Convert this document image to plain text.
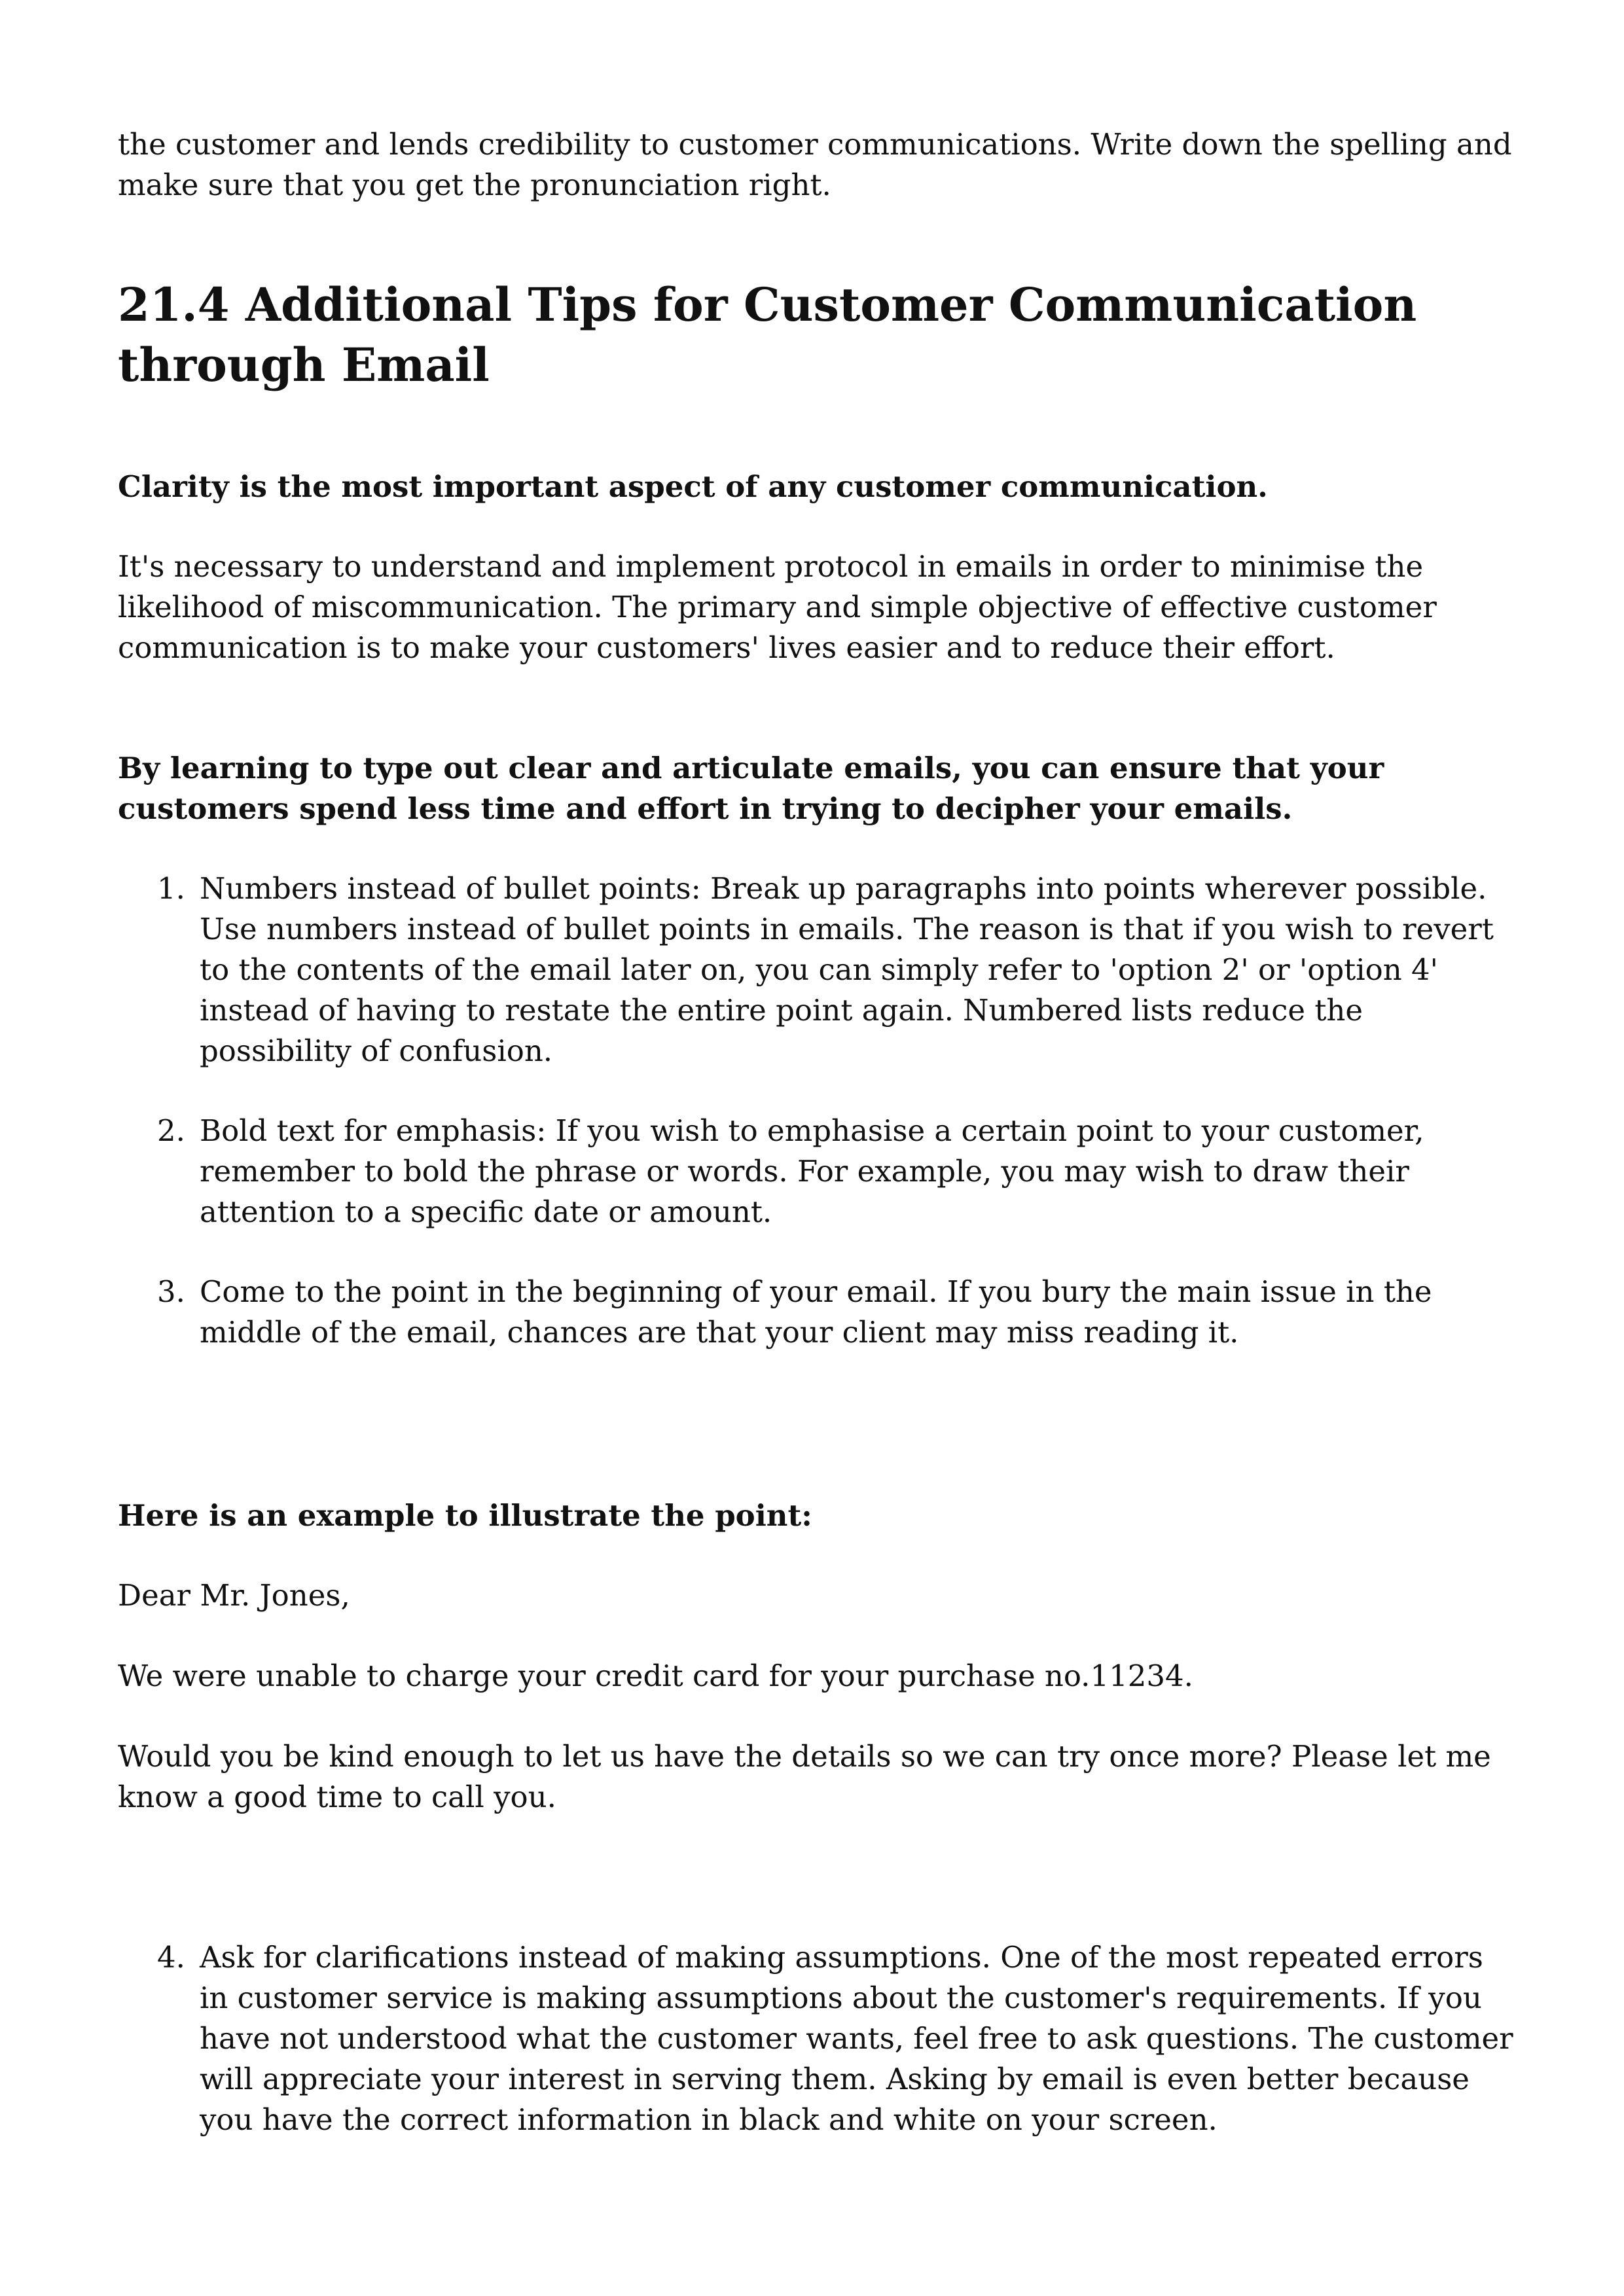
the customer and lends credibility to customer communications. Write down the spelling and make sure that you get the pronunciation right.

21.4 Additional Tips for Customer Communication through Email

Clarity is the most important aspect of any customer communication.

It's necessary to understand and implement protocol in emails in order to minimise the likelihood of miscommunication. The primary and simple objective of effective customer communication is to make your customers' lives easier and to reduce their effort.

By learning to type out clear and articulate emails, you can ensure that your customers spend less time and effort in trying to decipher your emails.

1. Numbers instead of bullet points: Break up paragraphs into points wherever possible. Use numbers instead of bullet points in emails. The reason is that if you wish to revert to the contents of the email later on, you can simply refer to 'option 2' or 'option 4' instead of having to restate the entire point again. Numbered lists reduce the possibility of confusion.
2. Bold text for emphasis: If you wish to emphasise a certain point to your customer, remember to bold the phrase or words. For example, you may wish to draw their attention to a specific date or amount.
3. Come to the point in the beginning of your email. If you bury the main issue in the middle of the email, chances are that your client may miss reading it.

Here is an example to illustrate the point:

Dear Mr. Jones,

We were unable to charge your credit card for your purchase no.11234.

Would you be kind enough to let us have the details so we can try once more? Please let me know a good time to call you.

4. Ask for clarifications instead of making assumptions. One of the most repeated errors in customer service is making assumptions about the customer's requirements. If you have not understood what the customer wants, feel free to ask questions. The customer will appreciate your interest in serving them. Asking by email is even better because you have the correct information in black and white on your screen.
